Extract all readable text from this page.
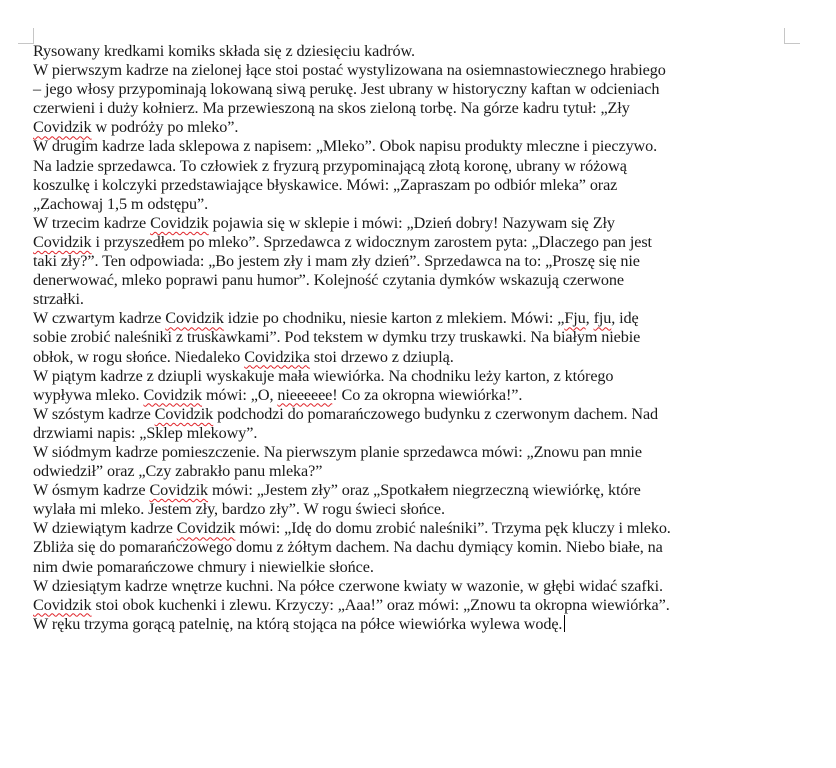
Rysowany kredkami komiks składa się z dziesięciu kadrów.
W pierwszym kadrze na zielonej łące stoi postać wystylizowana na osiemnastowiecznego hrabiego
– jego włosy przypominają lokowaną siwą perukę. Jest ubrany w historyczny kaftan w odcieniach
czerwieni i duży kołnierz. Ma przewieszoną na skos zieloną torbę. Na górze kadru tytuł: „Zły
Covidzik w podróży po mleko”.
W drugim kadrze lada sklepowa z napisem: „Mleko”. Obok napisu produkty mleczne i pieczywo.
Na ladzie sprzedawca. To człowiek z fryzurą przypominającą złotą koronę, ubrany w różową
koszulkę i kolczyki przedstawiające błyskawice. Mówi: „Zapraszam po odbiór mleka” oraz
„Zachowaj 1,5 m odstępu”.
W trzecim kadrze Covidzik pojawia się w sklepie i mówi: „Dzień dobry! Nazywam się Zły
Covidzik i przyszedłem po mleko”. Sprzedawca z widocznym zarostem pyta: „Dlaczego pan jest
taki zły?”. Ten odpowiada: „Bo jestem zły i mam zły dzień”. Sprzedawca na to: „Proszę się nie
denerwować, mleko poprawi panu humor”. Kolejność czytania dymków wskazują czerwone
strzałki.
W czwartym kadrze Covidzik idzie po chodniku, niesie karton z mlekiem. Mówi: „Fju, fju, idę
sobie zrobić naleśniki z truskawkami”. Pod tekstem w dymku trzy truskawki. Na białym niebie
obłok, w rogu słońce. Niedaleko Covidzika stoi drzewo z dziuplą.
W piątym kadrze z dziupli wyskakuje mała wiewiórka. Na chodniku leży karton, z którego
wypływa mleko. Covidzik mówi: „O, nieeeeee! Co za okropna wiewiórka!”.
W szóstym kadrze Covidzik podchodzi do pomarańczowego budynku z czerwonym dachem. Nad
drzwiami napis: „Sklep mlekowy”.
W siódmym kadrze pomieszczenie. Na pierwszym planie sprzedawca mówi: „Znowu pan mnie
odwiedził” oraz „Czy zabrakło panu mleka?”
W ósmym kadrze Covidzik mówi: „Jestem zły” oraz „Spotkałem niegrzeczną wiewiórkę, które
wylała mi mleko. Jestem zły, bardzo zły”. W rogu świeci słońce.
W dziewiątym kadrze Covidzik mówi: „Idę do domu zrobić naleśniki”. Trzyma pęk kluczy i mleko.
Zbliża się do pomarańczowego domu z żółtym dachem. Na dachu dymiący komin. Niebo białe, na
nim dwie pomarańczowe chmury i niewielkie słońce.
W dziesiątym kadrze wnętrze kuchni. Na półce czerwone kwiaty w wazonie, w głębi widać szafki.
Covidzik stoi obok kuchenki i zlewu. Krzyczy: „Aaa!” oraz mówi: „Znowu ta okropna wiewiórka”.
W ręku trzyma gorącą patelnię, na którą stojąca na półce wiewiórka wylewa wodę.
